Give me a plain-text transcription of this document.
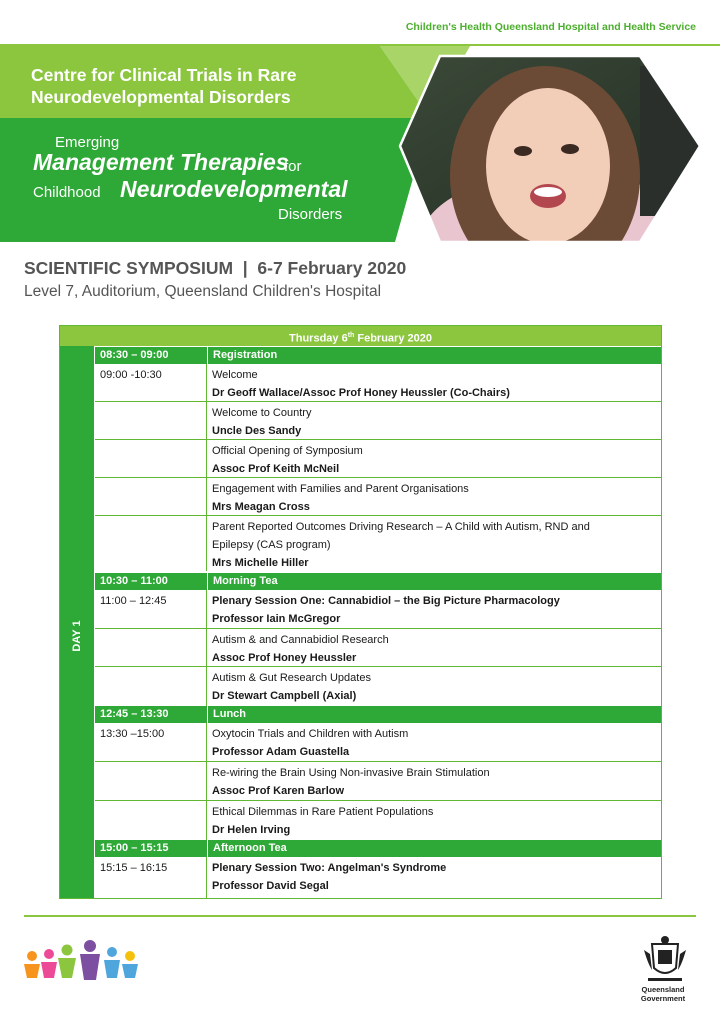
Children's Health Queensland Hospital and Health Service
Centre for Clinical Trials in Rare
Neurodevelopmental Disorders
Emerging
Management Therapies
for
Childhood Neurodevelopmental
Disorders
SCIENTIFIC SYMPOSIUM  |  6-7 February 2020
Level 7, Auditorium, Queensland Children's Hospital
Thursday 6th February 2020
DAY 1
08:30 – 09:00	Registration
09:00 -10:30	Welcome
Dr Geoff Wallace/Assoc Prof Honey Heussler (Co-Chairs)
Welcome to Country
Uncle Des Sandy
Official Opening of Symposium
Assoc Prof Keith McNeil
Engagement with Families and Parent Organisations
Mrs Meagan Cross
Parent Reported Outcomes Driving Research – A Child with Autism, RND and
Epilepsy (CAS program)
Mrs Michelle Hiller
10:30 – 11:00	Morning Tea
11:00 – 12:45	Plenary Session One: Cannabidiol – the Big Picture Pharmacology
Professor Iain McGregor
Autism & and Cannabidiol Research
Assoc Prof Honey Heussler
Autism & Gut Research Updates
Dr Stewart Campbell (Axial)
12:45 – 13:30	Lunch
13:30 –15:00	Oxytocin Trials and Children with Autism
Professor Adam Guastella
Re-wiring the Brain Using Non-invasive Brain Stimulation
Assoc Prof Karen Barlow
Ethical Dilemmas in Rare Patient Populations
Dr Helen Irving
15:00 – 15:15	Afternoon Tea
15:15 – 16:15	Plenary Session Two: Angelman's Syndrome
Professor David Segal
Queensland
Government
